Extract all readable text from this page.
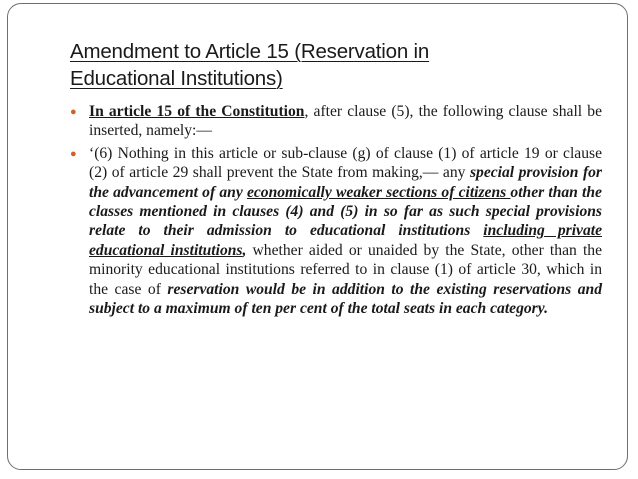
Amendment to Article 15 (Reservation in
Educational Institutions)
● In article 15 of the Constitution, after clause (5), the following clause shall be inserted, namely:—
● ‘(6) Nothing in this article or sub-clause (g) of clause (1) of article 19 or clause (2) of article 29 shall prevent the State from making,— any special provision for the advancement of any economically weaker sections of citizens other than the classes mentioned in clauses (4) and (5) in so far as such special provisions relate to their admission to educational institutions including private educational institutions, whether aided or unaided by the State, other than the minority educational institutions referred to in clause (1) of article 30, which in the case of reservation would be in addition to the existing reservations and subject to a maximum of ten per cent of the total seats in each category.
